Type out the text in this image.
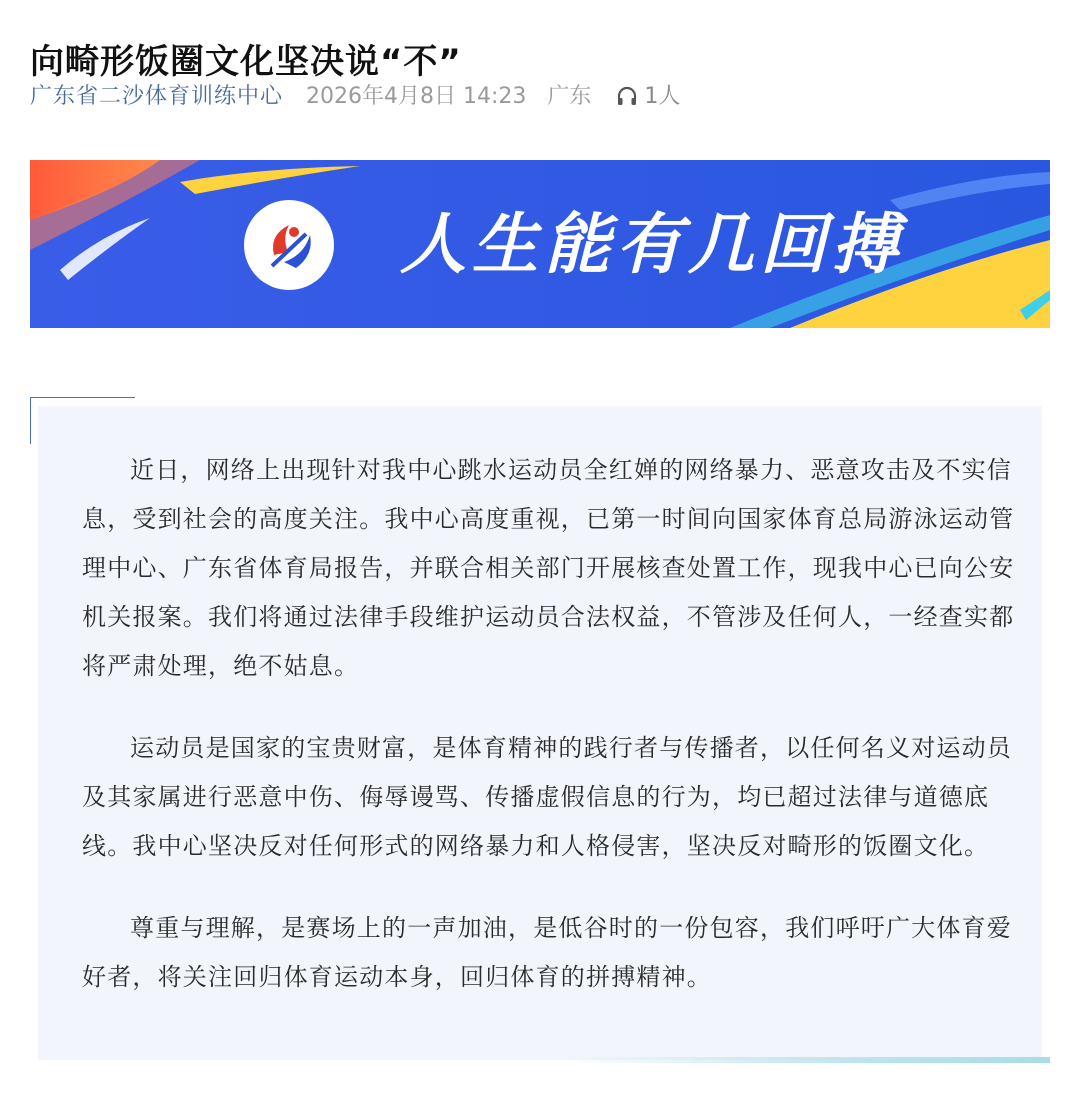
向畸形饭圈文化坚决说“不”
广东省二沙体育训练中心 2026年4月8日 14:23 广东 1人
人生能有几回搏

近日，网络上出现针对我中心跳水运动员全红婵的网络暴力、恶意攻击及不实信息，受到社会的高度关注。我中心高度重视，已第一时间向国家体育总局游泳运动管理中心、广东省体育局报告，并联合相关部门开展核查处置工作，现我中心已向公安机关报案。我们将通过法律手段维护运动员合法权益，不管涉及任何人，一经查实都将严肃处理，绝不姑息。

运动员是国家的宝贵财富，是体育精神的践行者与传播者，以任何名义对运动员及其家属进行恶意中伤、侮辱谩骂、传播虚假信息的行为，均已超过法律与道德底线。我中心坚决反对任何形式的网络暴力和人格侵害，坚决反对畸形的饭圈文化。

尊重与理解，是赛场上的一声加油，是低谷时的一份包容，我们呼吁广大体育爱好者，将关注回归体育运动本身，回归体育的拼搏精神。
